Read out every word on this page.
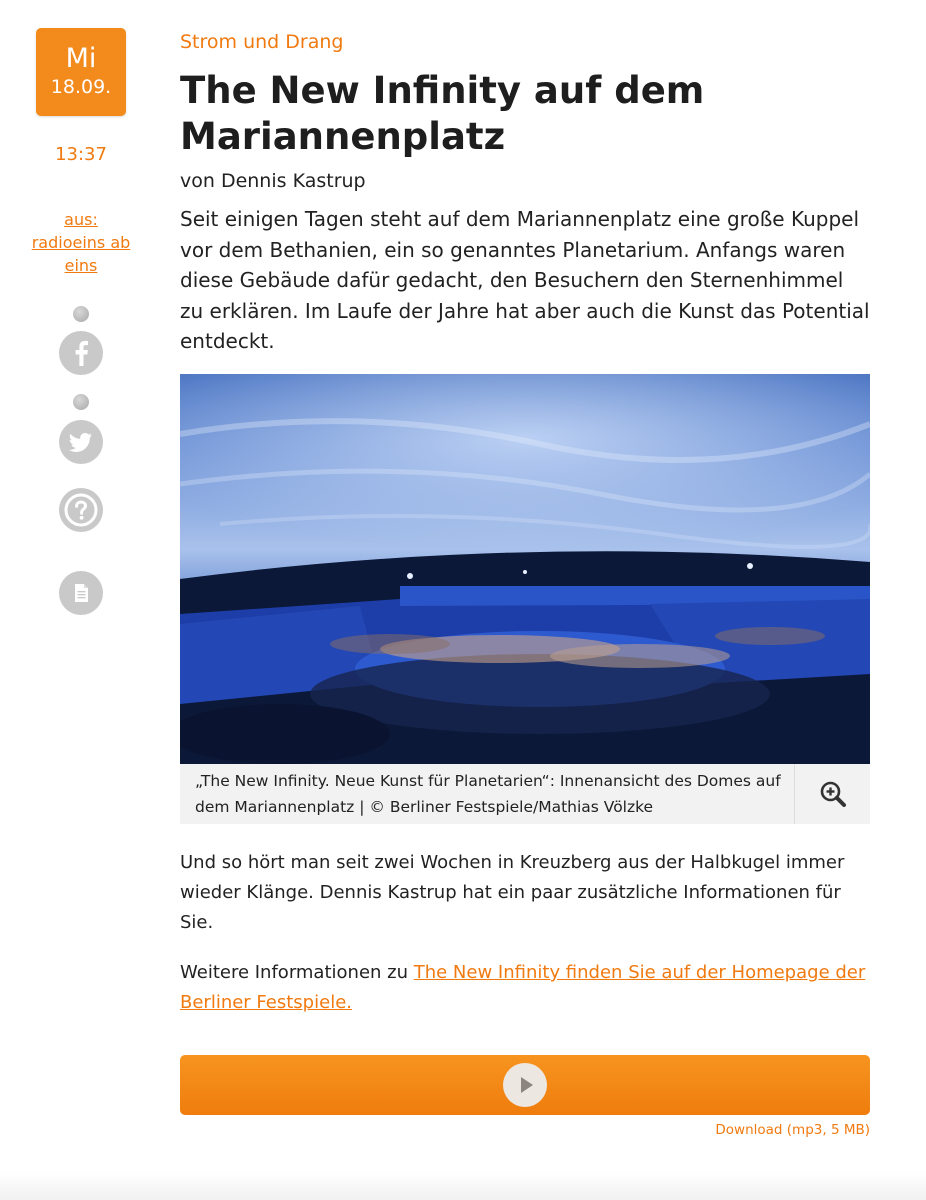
Mi
18.09.
13:37
aus:
radioeins ab eins
Strom und Drang
The New Infinity auf dem Mariannenplatz
von Dennis Kastrup

Seit einigen Tagen steht auf dem Mariannenplatz eine große Kuppel vor dem Bethanien, ein so genanntes Planetarium. Anfangs waren diese Gebäude dafür gedacht, den Besuchern den Sternenhimmel zu erklären. Im Laufe der Jahre hat aber auch die Kunst das Potential entdeckt.

„The New Infinity. Neue Kunst für Planetarien“: Innenansicht des Domes auf dem Mariannenplatz | © Berliner Festspiele/Mathias Völzke

Und so hört man seit zwei Wochen in Kreuzberg aus der Halbkugel immer wieder Klänge. Dennis Kastrup hat ein paar zusätzliche Informationen für Sie.

Weitere Informationen zu The New Infinity finden Sie auf der Homepage der Berliner Festspiele.

Download (mp3, 5 MB)
